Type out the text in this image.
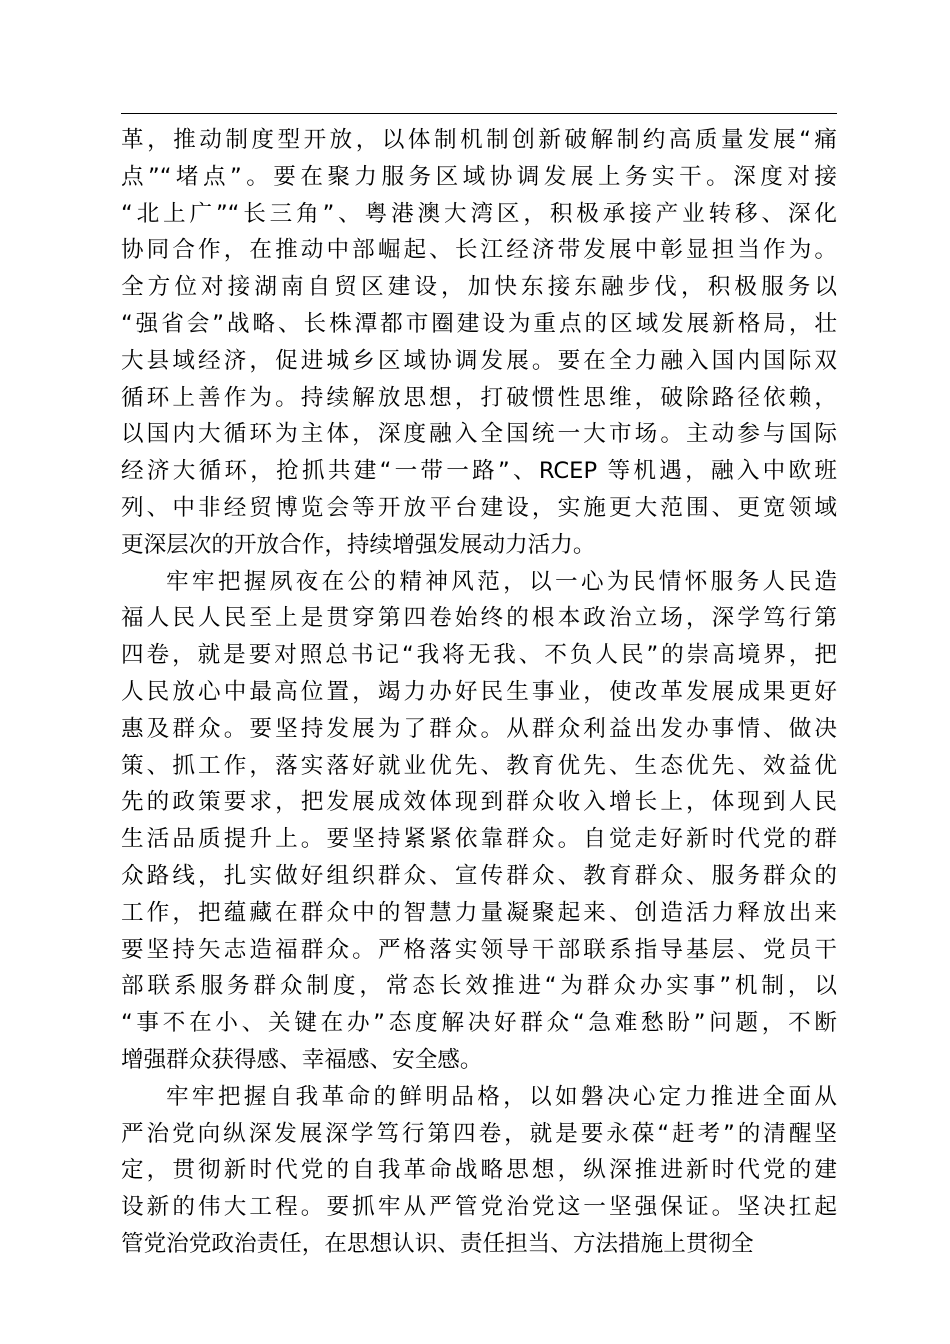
革，推动制度型开放，以体制机制创新破解制约高质量发展“痛
点”“堵点”。要在聚力服务区域协调发展上务实干。深度对接
“北上广”“长三角”、粤港澳大湾区，积极承接产业转移、深化
协同合作，在推动中部崛起、长江经济带发展中彰显担当作为。
全方位对接湖南自贸区建设，加快东接东融步伐，积极服务以
“强省会”战略、长株潭都市圈建设为重点的区域发展新格局，壮
大县域经济，促进城乡区域协调发展。要在全力融入国内国际双
循环上善作为。持续解放思想，打破惯性思维，破除路径依赖，
以国内大循环为主体，深度融入全国统一大市场。主动参与国际
经济大循环，抢抓共建“一带一路”、RCEP 等机遇，融入中欧班
列、中非经贸博览会等开放平台建设，实施更大范围、更宽领域
更深层次的开放合作，持续增强发展动力活力。
牢牢把握夙夜在公的精神风范，以一心为民情怀服务人民造
福人民人民至上是贯穿第四卷始终的根本政治立场，深学笃行第
四卷，就是要对照总书记“我将无我、不负人民”的崇高境界，把
人民放心中最高位置，竭力办好民生事业，使改革发展成果更好
惠及群众。要坚持发展为了群众。从群众利益出发办事情、做决
策、抓工作，落实落好就业优先、教育优先、生态优先、效益优
先的政策要求，把发展成效体现到群众收入增长上，体现到人民
生活品质提升上。要坚持紧紧依靠群众。自觉走好新时代党的群
众路线，扎实做好组织群众、宣传群众、教育群众、服务群众的
工作，把蕴藏在群众中的智慧力量凝聚起来、创造活力释放出来
要坚持矢志造福群众。严格落实领导干部联系指导基层、党员干
部联系服务群众制度，常态长效推进“为群众办实事”机制，以
“事不在小、关键在办”态度解决好群众“急难愁盼”问题，不断
增强群众获得感、幸福感、安全感。
牢牢把握自我革命的鲜明品格，以如磐决心定力推进全面从
严治党向纵深发展深学笃行第四卷，就是要永葆“赶考”的清醒坚
定，贯彻新时代党的自我革命战略思想，纵深推进新时代党的建
设新的伟大工程。要抓牢从严管党治党这一坚强保证。坚决扛起
管党治党政治责任，在思想认识、责任担当、方法措施上贯彻全
